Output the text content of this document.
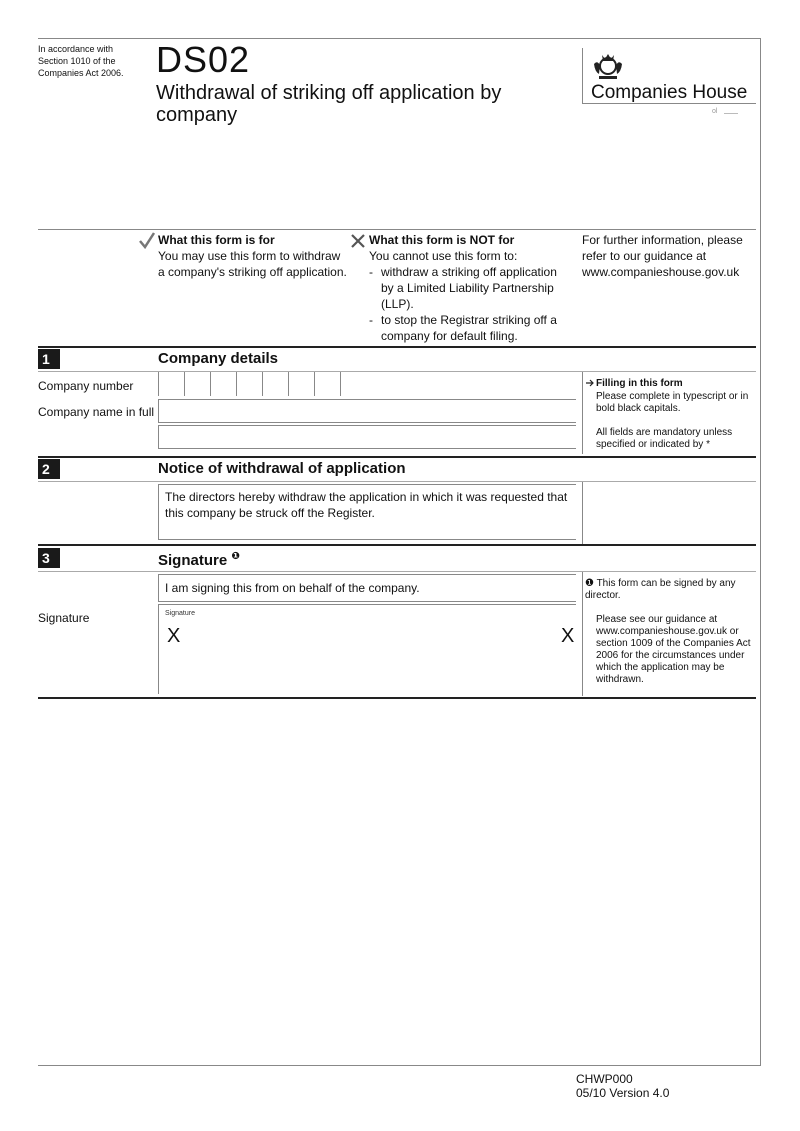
In accordance with Section 1010 of the Companies Act 2006. DS02
Withdrawal of striking off application by company
Companies House
ol
What this form is for
You may use this form to withdraw a company's striking off application.
What this form is NOT for
You cannot use this form to:
- withdraw a striking off application by a Limited Liability Partnership (LLP).
- to stop the Registrar striking off a company for default filing.
For further information, please refer to our guidance at www.companieshouse.gov.uk
1	Company details
Company number
Company name in full
Filling in this form
Please complete in typescript or in bold black capitals.
All fields are mandatory unless specified or indicated by *
2	Notice of withdrawal of application
The directors hereby withdraw the application in which it was requested that this company be struck off the Register.
3	Signature $^❶$
I am signing this from on behalf of the company.
Signature	Signature
X	X
❶ This form can be signed by any director.
Please see our guidance at www.companieshouse.gov.uk or section 1009 of the Companies Act 2006 for the circumstances under which the application may be withdrawn.
CHWP000
05/10 Version 4.0
